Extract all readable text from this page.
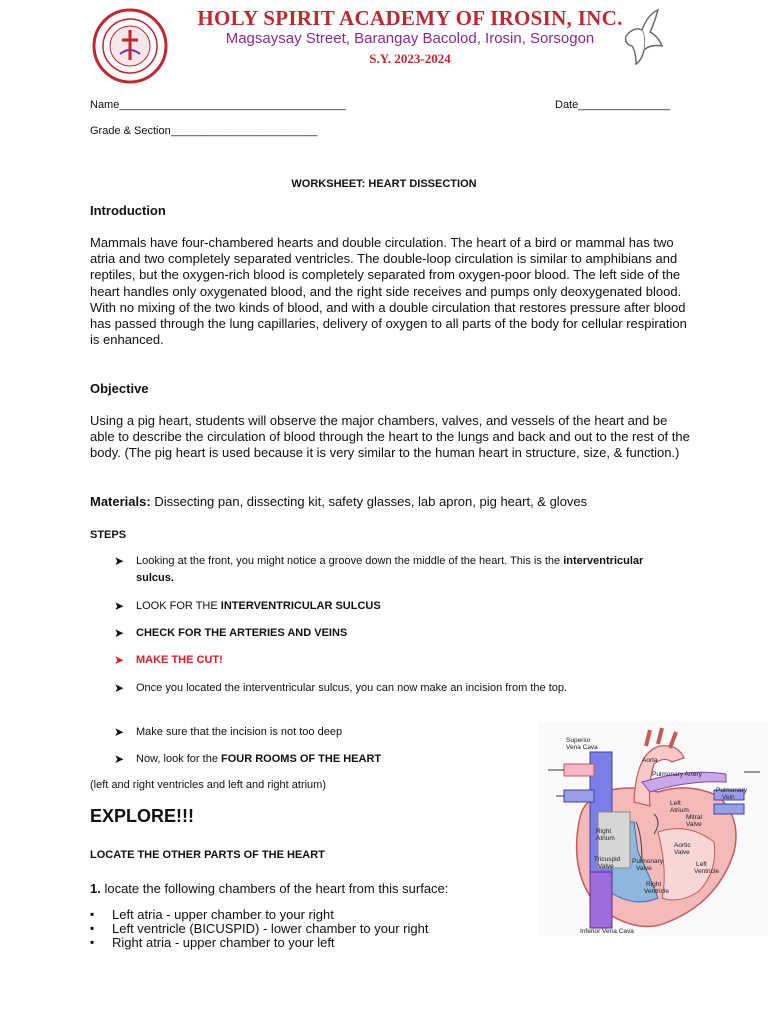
HOLY SPIRIT ACADEMY OF IROSIN, INC.
Magsaysay Street, Barangay Bacolod, Irosin, Sorsogon
S.Y. 2023-2024
Name_____________________________________	Date_______________
Grade & Section________________________
WORKSHEET: HEART DISSECTION
Introduction
Mammals have four-chambered hearts and double circulation. The heart of a bird or mammal has two atria and two completely separated ventricles. The double-loop circulation is similar to amphibians and reptiles, but the oxygen-rich blood is completely separated from oxygen-poor blood. The left side of the heart handles only oxygenated blood, and the right side receives and pumps only deoxygenated blood. With no mixing of the two kinds of blood, and with a double circulation that restores pressure after blood has passed through the lung capillaries, delivery of oxygen to all parts of the body for cellular respiration is enhanced.
Objective
Using a pig heart, students will observe the major chambers, valves, and vessels of the heart and be able to describe the circulation of blood through the heart to the lungs and back and out to the rest of the body. (The pig heart is used because it is very similar to the human heart in structure, size, & function.)
Materials: Dissecting pan, dissecting kit, safety glasses, lab apron, pig heart, & gloves
STEPS
➤	Looking at the front, you might notice a groove down the middle of the heart. This is the interventricular sulcus.
➤	LOOK FOR THE INTERVENTRICULAR SULCUS
➤	CHECK FOR THE ARTERIES AND VEINS
➤	MAKE THE CUT!
➤	Once you located the interventricular sulcus, you can now make an incision from the top.
➤	Make sure that the incision is not too deep
➤	Now, look for the FOUR ROOMS OF THE HEART
(left and right ventricles and left and right atrium)
EXPLORE!!!
LOCATE THE OTHER PARTS OF THE HEART
1. locate the following chambers of the heart from this surface:
▪ Left atria - upper chamber to your right
▪ Left ventricle (BICUSPID) - lower chamber to your right
▪ Right atria - upper chamber to your left
Superior
Vena Cava
Aorta
Pulmonary Artery
Pulmonary
Vein
Left
Atrium
Mitral
Valve
Right
Atrium
Aortic
Valve
Tricuspid
Valve
Pulmonary
Valve
Left
Ventricle
Right
Ventricle
Inferior Vena Cava
